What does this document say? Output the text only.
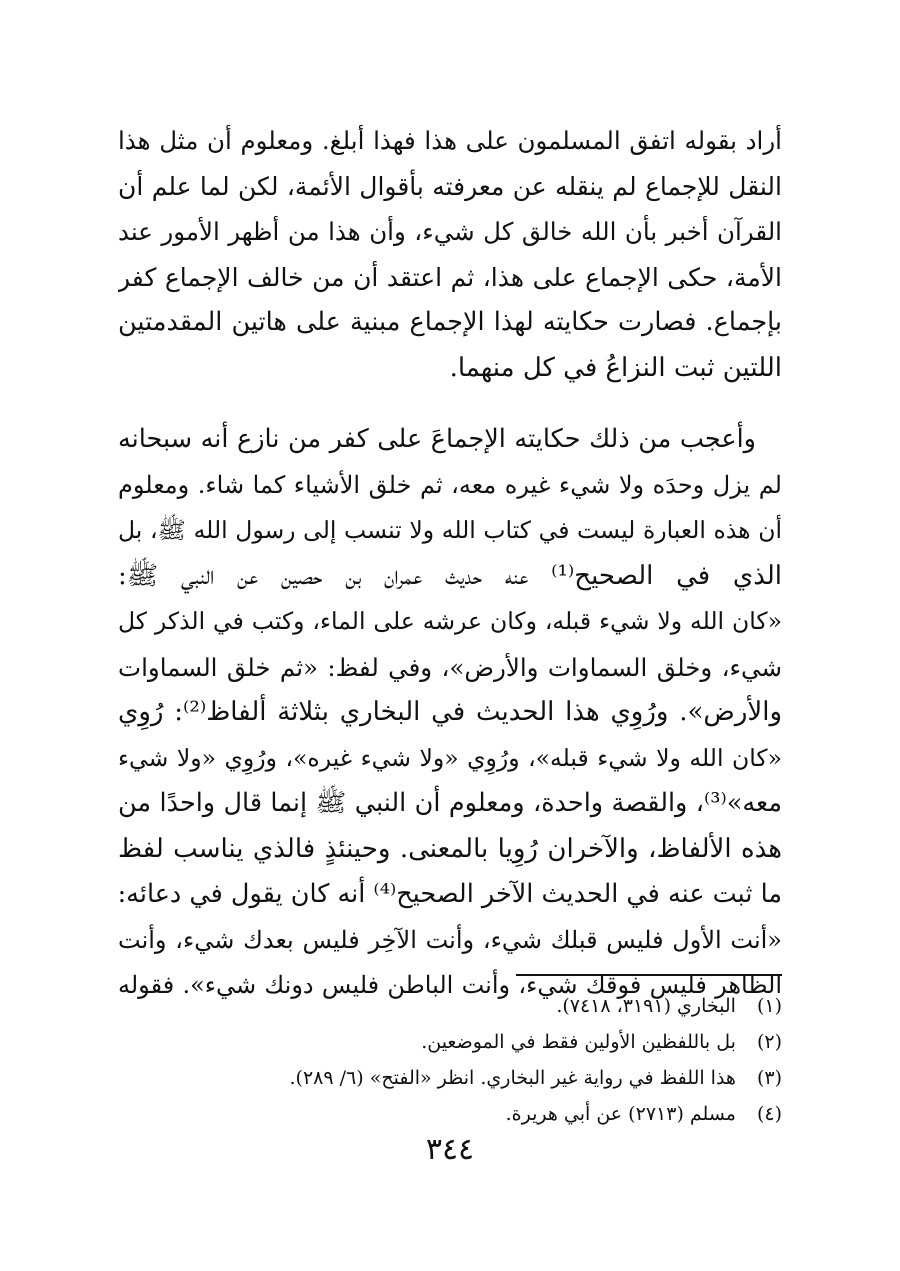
أراد بقوله اتفق المسلمون على هذا فهذا أبلغ. ومعلوم أن مثل هذا
النقل للإجماع لم ينقله عن معرفته بأقوال الأئمة، لكن لما علم أن
القرآن أخبر بأن الله خالق كل شيء، وأن هذا من أظهر الأمور عند
الأمة، حكى الإجماع على هذا، ثم اعتقد أن من خالف الإجماع كفر
بإجماع. فصارت حكايته لهذا الإجماع مبنية على هاتين المقدمتين
اللتين ثبت النزاعُ في كل منهما.

وأعجب من ذلك حكايته الإجماعَ على كفر من نازع أنه سبحانه
لم يزل وحدَه ولا شيء غيره معه، ثم خلق الأشياء كما شاء. ومعلوم
أن هذه العبارة ليست في كتاب الله ولا تنسب إلى رسول الله ﷺ، بل
الذي في الصحيح⁽¹⁾ عنه حديث عمران بن حصين عن النبي ﷺ:
«كان الله ولا شيء قبله، وكان عرشه على الماء، وكتب في الذكر كل
شيء، وخلق السماوات والأرض»، وفي لفظ: «ثم خلق السماوات
والأرض». ورُوِي هذا الحديث في البخاري بثلاثة ألفاظ⁽²⁾: رُوِي
«كان الله ولا شيء قبله»، ورُوِي «ولا شيء غيره»، ورُوِي «ولا شيء
معه»⁽³⁾، والقصة واحدة، ومعلوم أن النبي ﷺ إنما قال واحدًا من
هذه الألفاظ، والآخران رُوِيا بالمعنى. وحينئذٍ فالذي يناسب لفظ
ما ثبت عنه في الحديث الآخر الصحيح⁽⁴⁾ أنه كان يقول في دعائه:
«أنت الأول فليس قبلك شيء، وأنت الآخِر فليس بعدك شيء، وأنت
الظاهر فليس فوقك شيء، وأنت الباطن فليس دونك شيء». فقوله

(١) البخاري (٣١٩١، ٧٤١٨).
(٢) بل باللفظين الأولين فقط في الموضعين.
(٣) هذا اللفظ في رواية غير البخاري. انظر «الفتح» (٦/ ٢٨٩).
(٤) مسلم (٢٧١٣) عن أبي هريرة.
٣٤٤
